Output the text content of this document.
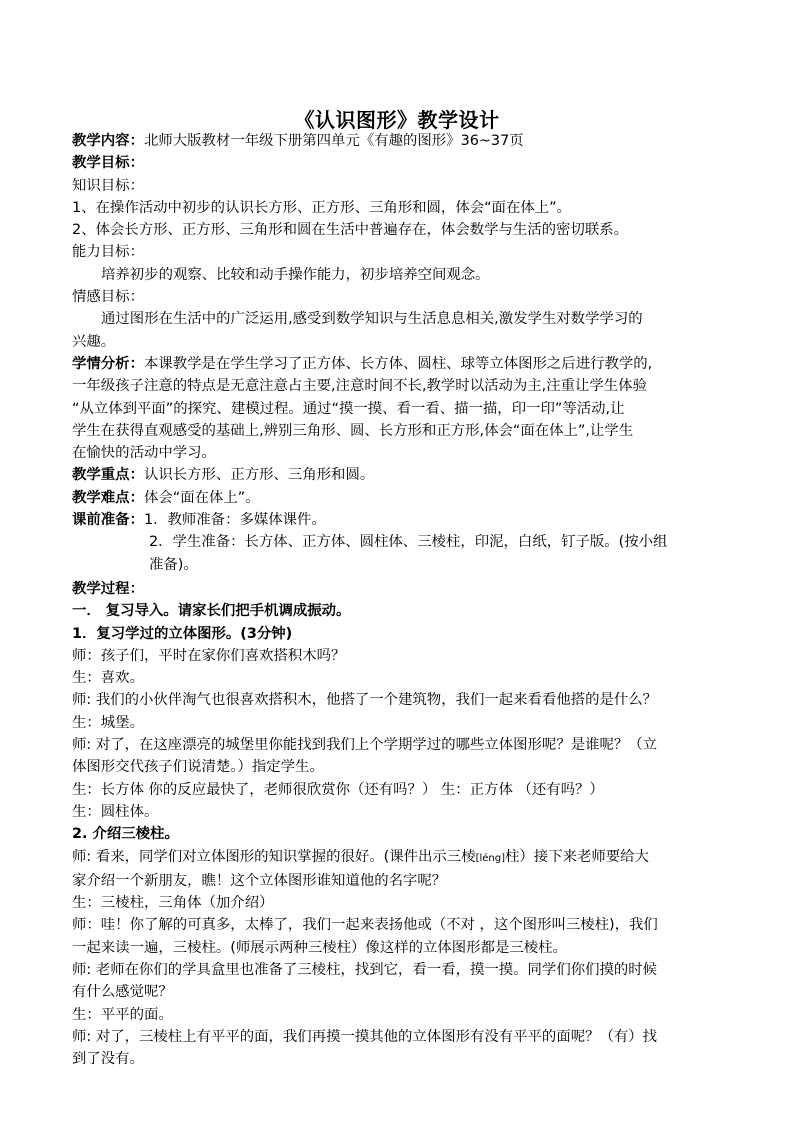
《认识图形》教学设计

教学内容：北师大版教材一年级下册第四单元《有趣的图形》36~37页

教学目标：

知识目标：

1、在操作活动中初步的认识长方形、正方形、三角形和圆，体会“面在体上”。

2、体会长方形、正方形、三角形和圆在生活中普遍存在，体会数学与生活的密切联系。

能力目标：

培养初步的观察、比较和动手操作能力，初步培养空间观念。

情感目标：

通过图形在生活中的广泛运用,感受到数学知识与生活息息相关,激发学生对数学学习的

兴趣。

学情分析：本课教学是在学生学习了正方体、长方体、圆柱、球等立体图形之后进行教学的,

一年级孩子注意的特点是无意注意占主要,注意时间不长,教学时以活动为主,注重让学生体验

“从立体到平面”的探究、建模过程。通过“摸一摸、看一看、描一描，印一印”等活动,让

学生在获得直观感受的基础上,辨别三角形、圆、长方形和正方形,体会“面在体上”,让学生

在愉快的活动中学习。

教学重点：认识长方形、正方形、三角形和圆。

教学难点：体会“面在体上”。

课前准备：1．教师准备：多媒体课件。

2．学生准备：长方体、正方体、圆柱体、三棱柱，印泥，白纸，钉子版。(按小组

准备)。

教学过程：

一． 复习导入。请家长们把手机调成振动。

1．复习学过的立体图形。(3分钟)

师：孩子们，平时在家你们喜欢搭积木吗？

生：喜欢。

师: 我们的小伙伴淘气也很喜欢搭积木，他搭了一个建筑物，我们一起来看看他搭的是什么？

生：城堡。

师: 对了，在这座漂亮的城堡里你能找到我们上个学期学过的哪些立体图形呢？是谁呢？（立

体图形交代孩子们说清楚。）指定学生。

生：长方体 你的反应最快了，老师很欣赏你（还有吗？） 生：正方体 （还有吗？）

生：圆柱体。

2. 介绍三棱柱。

师: 看来，同学们对立体图形的知识掌握的很好。(课件出示三棱[léng]柱）接下来老师要给大

家介绍一个新朋友，瞧！这个立体图形谁知道他的名字呢？

生：三棱柱，三角体（加介绍）

师：哇！你了解的可真多，太棒了，我们一起来表扬他或（不对 ，这个图形叫三棱柱)，我们

一起来读一遍，三棱柱。(师展示两种三棱柱）像这样的立体图形都是三棱柱。

师: 老师在你们的学具盒里也准备了三棱柱，找到它，看一看，摸一摸。同学们你们摸的时候

有什么感觉呢？

生：平平的面。

师: 对了，三棱柱上有平平的面，我们再摸一摸其他的立体图形有没有平平的面呢？（有）找

到了没有。
